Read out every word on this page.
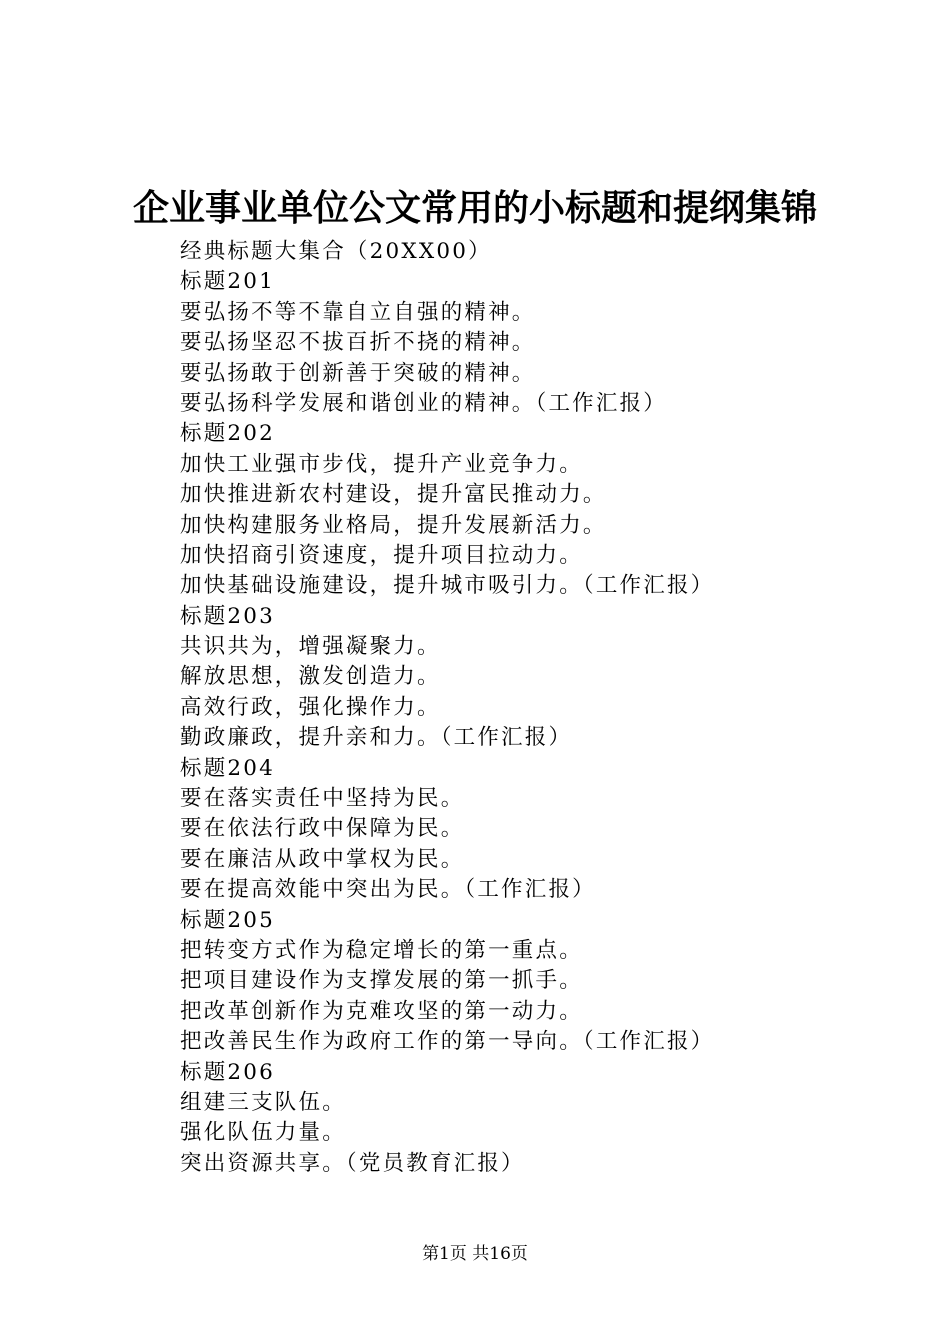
企业事业单位公文常用的小标题和提纲集锦
经典标题大集合（20XX00）
标题201
要弘扬不等不靠自立自强的精神。
要弘扬坚忍不拔百折不挠的精神。
要弘扬敢于创新善于突破的精神。
要弘扬科学发展和谐创业的精神。（工作汇报）
标题202
加快工业强市步伐，提升产业竞争力。
加快推进新农村建设，提升富民推动力。
加快构建服务业格局，提升发展新活力。
加快招商引资速度，提升项目拉动力。
加快基础设施建设，提升城市吸引力。（工作汇报）
标题203
共识共为，增强凝聚力。
解放思想，激发创造力。
高效行政，强化操作力。
勤政廉政，提升亲和力。（工作汇报）
标题204
要在落实责任中坚持为民。
要在依法行政中保障为民。
要在廉洁从政中掌权为民。
要在提高效能中突出为民。（工作汇报）
标题205
把转变方式作为稳定增长的第一重点。
把项目建设作为支撑发展的第一抓手。
把改革创新作为克难攻坚的第一动力。
把改善民生作为政府工作的第一导向。（工作汇报）
标题206
组建三支队伍。
强化队伍力量。
突出资源共享。（党员教育汇报）
第1页 共16页
